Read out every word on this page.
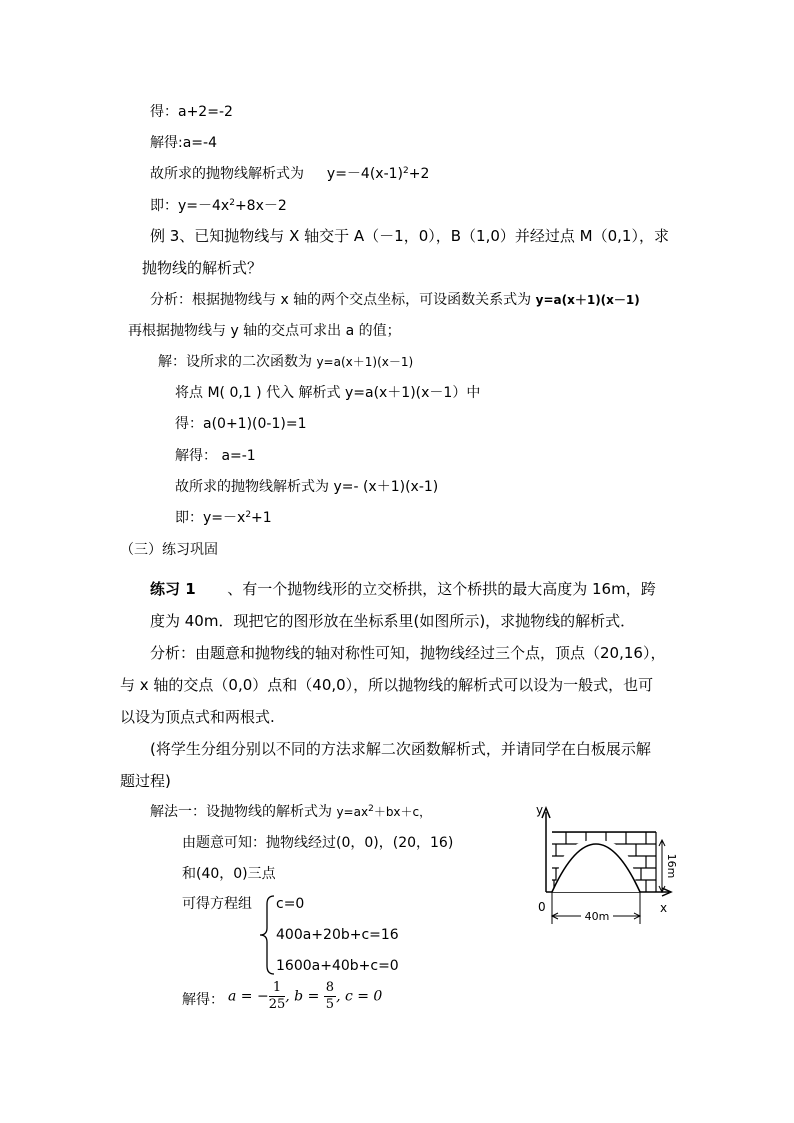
得：a+2=-2
解得:a=-4
故所求的抛物线解析式为 $y=-4(x-1)^2+2$
即：$y=-4x^2+8x-2$
例 3、已知抛物线与 X 轴交于 A（－1，0），B（1,0）并经过点 M（0,1），求
抛物线的解析式？
分析：根据抛物线与 x 轴的两个交点坐标，可设函数关系式为 y=a(x＋1)(x－1)
再根据抛物线与 y 轴的交点可求出 a 的值；
解：设所求的二次函数为 y=a(x＋1)(x－1)
将点 M( 0,1 ) 代入 解析式 y=a(x＋1)(x－1）中
得：a(0+1)(0-1)=1
解得： a=-1
故所求的抛物线解析式为 y=- (x＋1)(x-1)
即：$y=-x^2+1$
（三）练习巩固
练习 1 、有一个抛物线形的立交桥拱，这个桥拱的最大高度为 16m，跨
度为 40m．现把它的图形放在坐标系里(如图所示)，求抛物线的解析式．
分析：由题意和抛物线的轴对称性可知，抛物线经过三个点，顶点（20,16），
与 x 轴的交点（0,0）点和（40,0），所以抛物线的解析式可以设为一般式，也可
以设为顶点式和两根式.
(将学生分组分别以不同的方法求解二次函数解析式，并请同学在白板展示解
题过程)
解法一：设抛物线的解析式为 $y=ax^2+bx+c$，
由题意可知：抛物线经过(0，0)，(20，16)
和(40，0)三点
可得方程组 c=0
400a+20b+c=16
1600a+40b+c=0
解得： a = − $\frac{1}{25}$ , $b = \frac{8}{5}$ , c = 0
16m
40m
y
x
0
